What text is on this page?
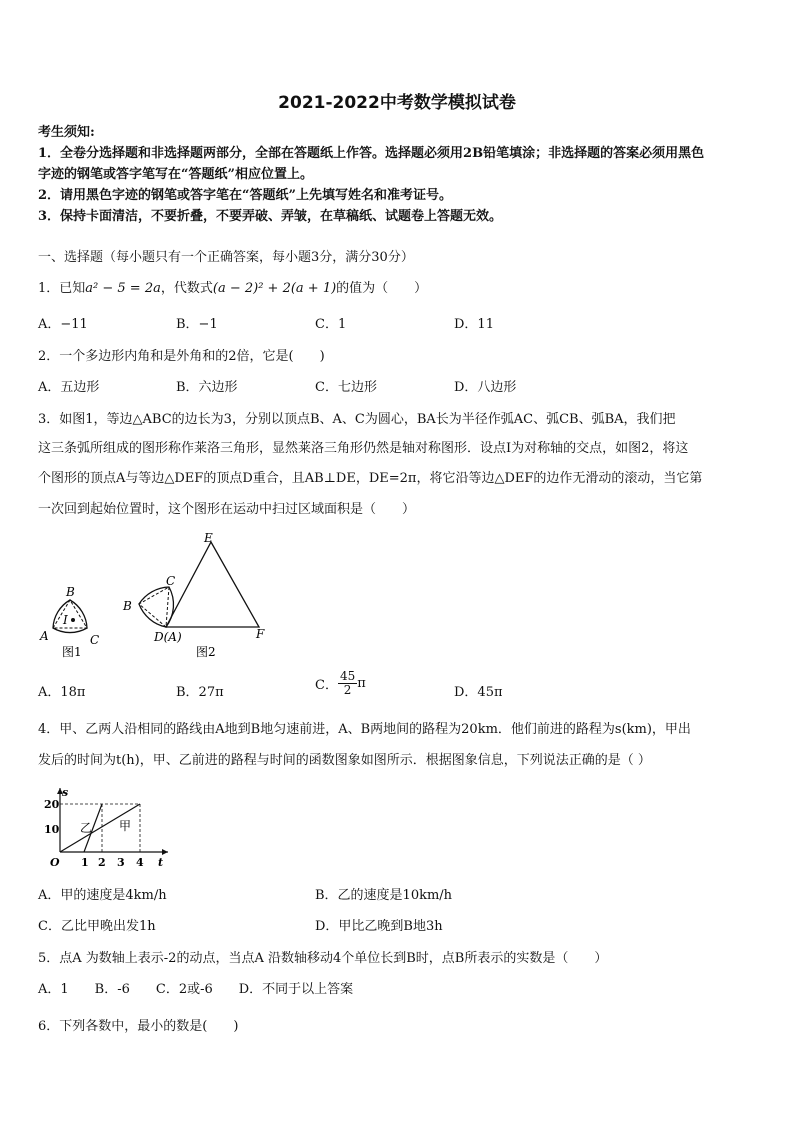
2021-2022中考数学模拟试卷
考生须知:
1．全卷分选择题和非选择题两部分，全部在答题纸上作答。选择题必须用2B铅笔填涂；非选择题的答案必须用黑色
字迹的钢笔或答字笔写在“答题纸”相应位置上。
2．请用黑色字迹的钢笔或答字笔在“答题纸”上先填写姓名和准考证号。
3．保持卡面清洁，不要折叠，不要弄破、弄皱，在草稿纸、试题卷上答题无效。
一、选择题（每小题只有一个正确答案，每小题3分，满分30分）
1．已知a² − 5 = 2a，代数式(a − 2)² + 2(a + 1)的值为（　　）
A．−11	B．−1	C．1	D．11
2．一个多边形内角和是外角和的2倍，它是(　　)
A．五边形	B．六边形	C．七边形	D．八边形
3．如图1，等边△ABC的边长为3，分别以顶点B、A、C为圆心，BA长为半径作弧AC、弧CB、弧BA，我们把
这三条弧所组成的图形称作莱洛三角形，显然莱洛三角形仍然是轴对称图形．设点I为对称轴的交点，如图2，将这
个图形的顶点A与等边△DEF的顶点D重合，且AB⊥DE，DE=2π，将它沿等边△DEF的边作无滑动的滚动，当它第
一次回到起始位置时，这个图形在运动中扫过区域面积是（　　）
B
I
A	C
图1
E
C
B
D(A)	F
图2
A．18π	B．27π	C． $\frac{45}{2}$ π
D．45π
4．甲、乙两人沿相同的路线由A地到B地匀速前进，A、B两地间的路程为20km．他们前进的路程为s(km)，甲出
发后的时间为t(h)，甲、乙前进的路程与时间的函数图象如图所示．根据图象信息，下列说法正确的是（ ）
s
t
O
20
10
1 2 3 4
乙 甲
A．甲的速度是4km/h	B．乙的速度是10km/h
C．乙比甲晚出发1h	D．甲比乙晚到B地3h
5．点A 为数轴上表示-2的动点，当点A 沿数轴移动4个单位长到B时，点B所表示的实数是（　　）
A．1　　B．-6　　C．2或-6　　D．不同于以上答案
6．下列各数中，最小的数是(　　)
